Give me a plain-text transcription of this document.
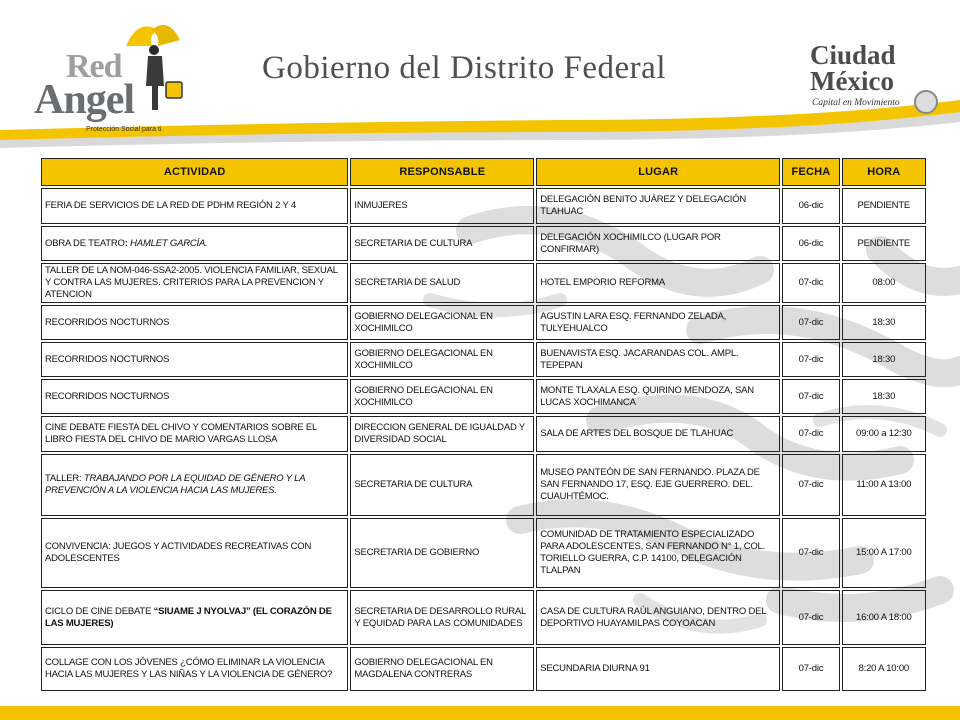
Red
Angel
Protección Social para ti
Gobierno del Distrito Federal	Ciudad
México
Capital en Movimiento
ACTIVIDAD	RESPONSABLE	LUGAR	FECHA	HORA
FERIA DE SERVICIOS DE LA RED DE PDHM REGIÓN 2 Y 4	INMUJERES	DELEGACIÓN BENITO JUÁREZ Y DELEGACIÓN TLAHUAC	06-dic	PENDIENTE
OBRA DE TEATRO: HAMLET GARCÍA.	SECRETARIA DE CULTURA	DELEGACIÓN XOCHIMILCO (LUGAR POR CONFIRMAR)	06-dic	PENDIENTE
TALLER DE LA NOM-046-SSA2-2005. VIOLENCIA FAMILIAR, SEXUAL Y CONTRA LAS MUJERES. CRITERIOS PARA LA PREVENCION Y ATENCION	SECRETARIA DE SALUD	HOTEL EMPORIO REFORMA	07-dic	08:00
RECORRIDOS NOCTURNOS	GOBIERNO DELEGACIONAL EN XOCHIMILCO	AGUSTIN LARA ESQ. FERNANDO ZELADA, TULYEHUALCO	07-dic	18:30
RECORRIDOS NOCTURNOS	GOBIERNO DELEGACIONAL EN XOCHIMILCO	BUENAVISTA ESQ. JACARANDAS COL. AMPL. TEPEPAN	07-dic	18:30
RECORRIDOS NOCTURNOS	GOBIERNO DELEGACIONAL EN XOCHIMILCO	MONTE TLAXALA ESQ. QUIRINO MENDOZA, SAN LUCAS XOCHIMANCA	07-dic	18:30
CINE DEBATE FIESTA DEL CHIVO Y COMENTARIOS SOBRE EL LIBRO FIESTA DEL CHIVO DE MARIO VARGAS LLOSA	DIRECCION GENERAL DE IGUALDAD Y DIVERSIDAD SOCIAL	SALA DE ARTES DEL BOSQUE DE TLAHUAC	07-dic	09:00 a 12:30
TALLER: TRABAJANDO POR LA EQUIDAD DE GÉNERO Y LA PREVENCIÓN A LA VIOLENCIA HACIA LAS MUJERES.	SECRETARIA DE CULTURA	MUSEO PANTEÓN DE SAN FERNANDO. PLAZA DE SAN FERNANDO 17, ESQ. EJE GUERRERO. DEL. CUAUHTÉMOC.	07-dic	11:00 A 13:00
CONVIVENCIA: JUEGOS Y ACTIVIDADES RECREATIVAS CON ADOLESCENTES	SECRETARIA DE GOBIERNO	COMUNIDAD DE TRATAMIENTO ESPECIALIZADO PARA ADOLESCENTES, SAN FERNANDO N° 1, COL. TORIELLO GUERRA, C.P. 14100, DELEGACIÓN TLALPAN	07-dic	15:00 A 17:00
CICLO DE CINE DEBATE “SIUAME J NYOLVAJ” (EL CORAZÓN DE LAS MUJERES)	SECRETARIA DE DESARROLLO RURAL Y EQUIDAD PARA LAS COMUNIDADES	CASA DE CULTURA RAÚL ANGUIANO, DENTRO DEL DEPORTIVO HUAYAMILPAS COYOACAN	07-dic	16:00 A 18:00
COLLAGE CON LOS JÓVENES ¿CÓMO ELIMINAR LA VIOLENCIA HACIA LAS MUJERES Y LAS NIÑAS Y LA VIOLENCIA DE GÉNERO?	GOBIERNO DELEGACIONAL EN MAGDALENA CONTRERAS	SECUNDARIA DIURNA 91	07-dic	8:20 A 10:00
